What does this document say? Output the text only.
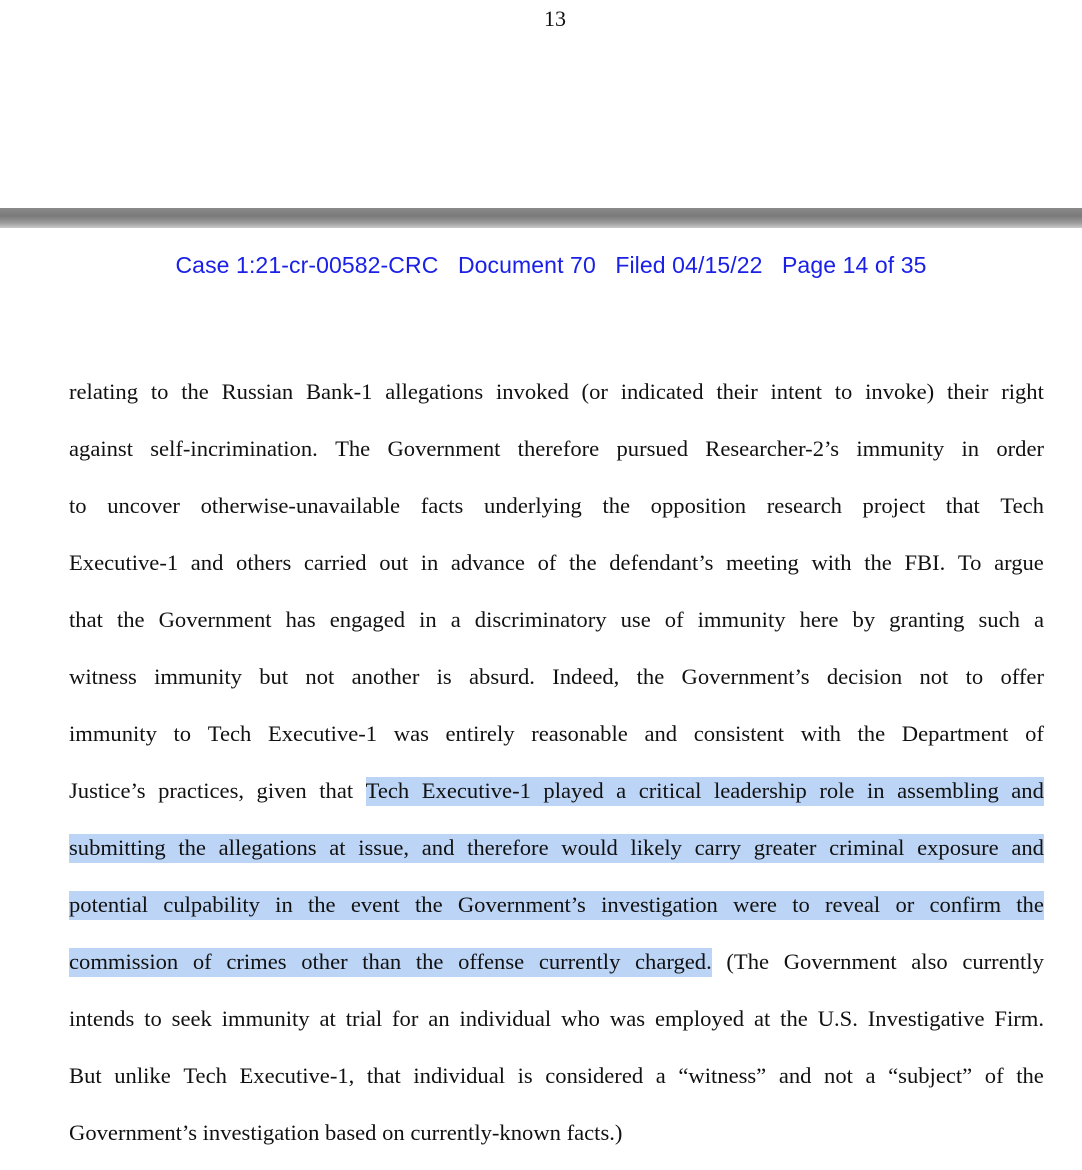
13
Case 1:21-cr-00582-CRC Document 70 Filed 04/15/22 Page 14 of 35
relating to the Russian Bank-1 allegations invoked (or indicated their intent to invoke) their right
against self-incrimination. The Government therefore pursued Researcher-2’s immunity in order
to uncover otherwise-unavailable facts underlying the opposition research project that Tech
Executive-1 and others carried out in advance of the defendant’s meeting with the FBI. To argue
that the Government has engaged in a discriminatory use of immunity here by granting such a
witness immunity but not another is absurd. Indeed, the Government’s decision not to offer
immunity to Tech Executive-1 was entirely reasonable and consistent with the Department of
Justice’s practices, given that Tech Executive-1 played a critical leadership role in assembling and
submitting the allegations at issue, and therefore would likely carry greater criminal exposure and
potential culpability in the event the Government’s investigation were to reveal or confirm the
commission of crimes other than the offense currently charged. (The Government also currently
intends to seek immunity at trial for an individual who was employed at the U.S. Investigative Firm.
But unlike Tech Executive-1, that individual is considered a “witness” and not a “subject” of the
Government’s investigation based on currently-known facts.)
